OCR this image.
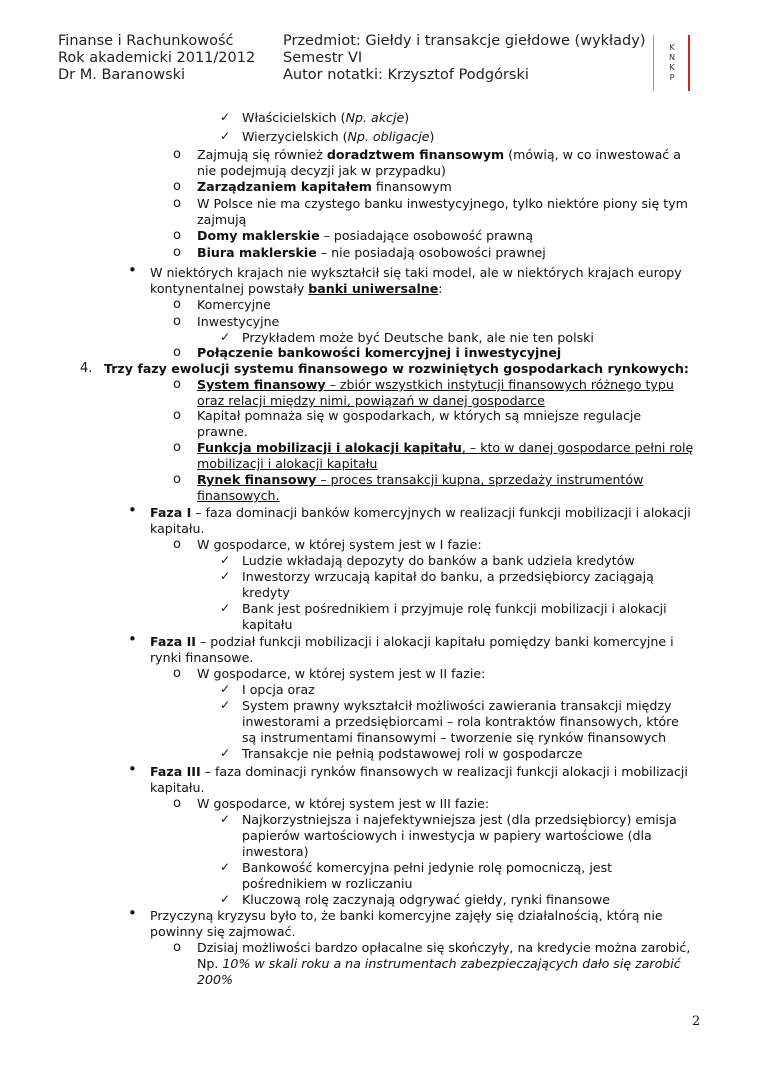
Finanse i Rachunkowość
Rok akademicki 2011/2012
Dr M. Baranowski
Przedmiot: Giełdy i transakcje giełdowe (wykłady)
Semestr VI
Autor notatki: Krzysztof Podgórski
K
N
K
P
✓ Właścicielskich (Np. akcje)
✓ Wierzycielskich (Np. obligacje)
o Zajmują się również doradztwem finansowym (mówią, w co inwestować a
nie podejmują decyzji jak w przypadku)
o Zarządzaniem kapitałem finansowym
o W Polsce nie ma czystego banku inwestycyjnego, tylko niektóre piony się tym
zajmują
o Domy maklerskie – posiadające osobowość prawną
o Biura maklerskie – nie posiadają osobowości prawnej
• W niektórych krajach nie wykształcił się taki model, ale w niektórych krajach europy
kontynentalnej powstały banki uniwersalne:
o Komercyjne
o Inwestycyjne
✓ Przykładem może być Deutsche bank, ale nie ten polski
o Połączenie bankowości komercyjnej i inwestycyjnej
4. Trzy fazy ewolucji systemu finansowego w rozwiniętych gospodarkach rynkowych:
o System finansowy – zbiór wszystkich instytucji finansowych różnego typu
oraz relacji między nimi, powiązań w danej gospodarce
o Kapitał pomnaża się w gospodarkach, w których są mniejsze regulacje
prawne.
o Funkcja mobilizacji i alokacji kapitału, – kto w danej gospodarce pełni rolę
mobilizacji i alokacji kapitału
o Rynek finansowy – proces transakcji kupna, sprzedaży instrumentów
finansowych.
• Faza I – faza dominacji banków komercyjnych w realizacji funkcji mobilizacji i alokacji
kapitału.
o W gospodarce, w której system jest w I fazie:
✓ Ludzie wkładają depozyty do banków a bank udziela kredytów
✓ Inwestorzy wrzucają kapitał do banku, a przedsiębiorcy zaciągają
kredyty
✓ Bank jest pośrednikiem i przyjmuje rolę funkcji mobilizacji i alokacji
kapitału
• Faza II – podział funkcji mobilizacji i alokacji kapitału pomiędzy banki komercyjne i
rynki finansowe.
o W gospodarce, w której system jest w II fazie:
✓ I opcja oraz
✓ System prawny wykształcił możliwości zawierania transakcji między
inwestorami a przedsiębiorcami – rola kontraktów finansowych, które
są instrumentami finansowymi – tworzenie się rynków finansowych
✓ Transakcje nie pełnią podstawowej roli w gospodarcze
• Faza III – faza dominacji rynków finansowych w realizacji funkcji alokacji i mobilizacji
kapitału.
o W gospodarce, w której system jest w III fazie:
✓ Najkorzystniejsza i najefektywniejsza jest (dla przedsiębiorcy) emisja
papierów wartościowych i inwestycja w papiery wartościowe (dla
inwestora)
✓ Bankowość komercyjna pełni jedynie rolę pomocniczą, jest
pośrednikiem w rozliczaniu
✓ Kluczową rolę zaczynają odgrywać giełdy, rynki finansowe
• Przyczyną kryzysu było to, że banki komercyjne zajęły się działalnością, którą nie
powinny się zajmować.
o Dzisiaj możliwości bardzo opłacalne się skończyły, na kredycie można zarobić,
Np. 10% w skali roku a na instrumentach zabezpieczających dało się zarobić
200%
2
